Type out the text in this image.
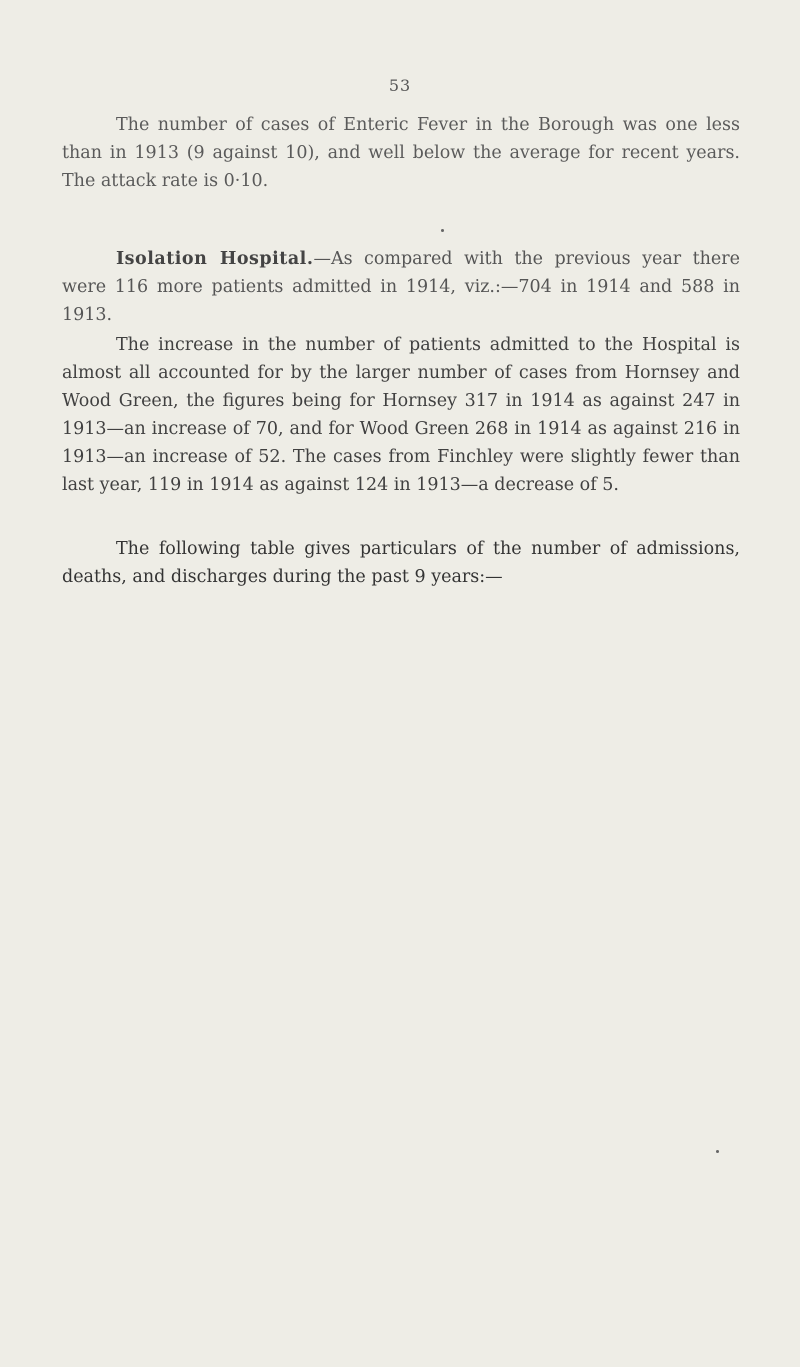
53

The number of cases of Enteric Fever in the Borough was one less than in 1913 (9 against 10), and well below the average for recent years. The attack rate is 0·10.

Isolation Hospital.—As compared with the previous year there were 116 more patients admitted in 1914, viz.:—704 in 1914 and 588 in 1913.

The increase in the number of patients admitted to the Hospital is almost all accounted for by the larger number of cases from Hornsey and Wood Green, the figures being for Hornsey 317 in 1914 as against 247 in 1913—an increase of 70, and for Wood Green 268 in 1914 as against 216 in 1913—an increase of 52. The cases from Finchley were slightly fewer than last year, 119 in 1914 as against 124 in 1913—a decrease of 5.

The following table gives particulars of the number of admissions, deaths, and discharges during the past 9 years:—
